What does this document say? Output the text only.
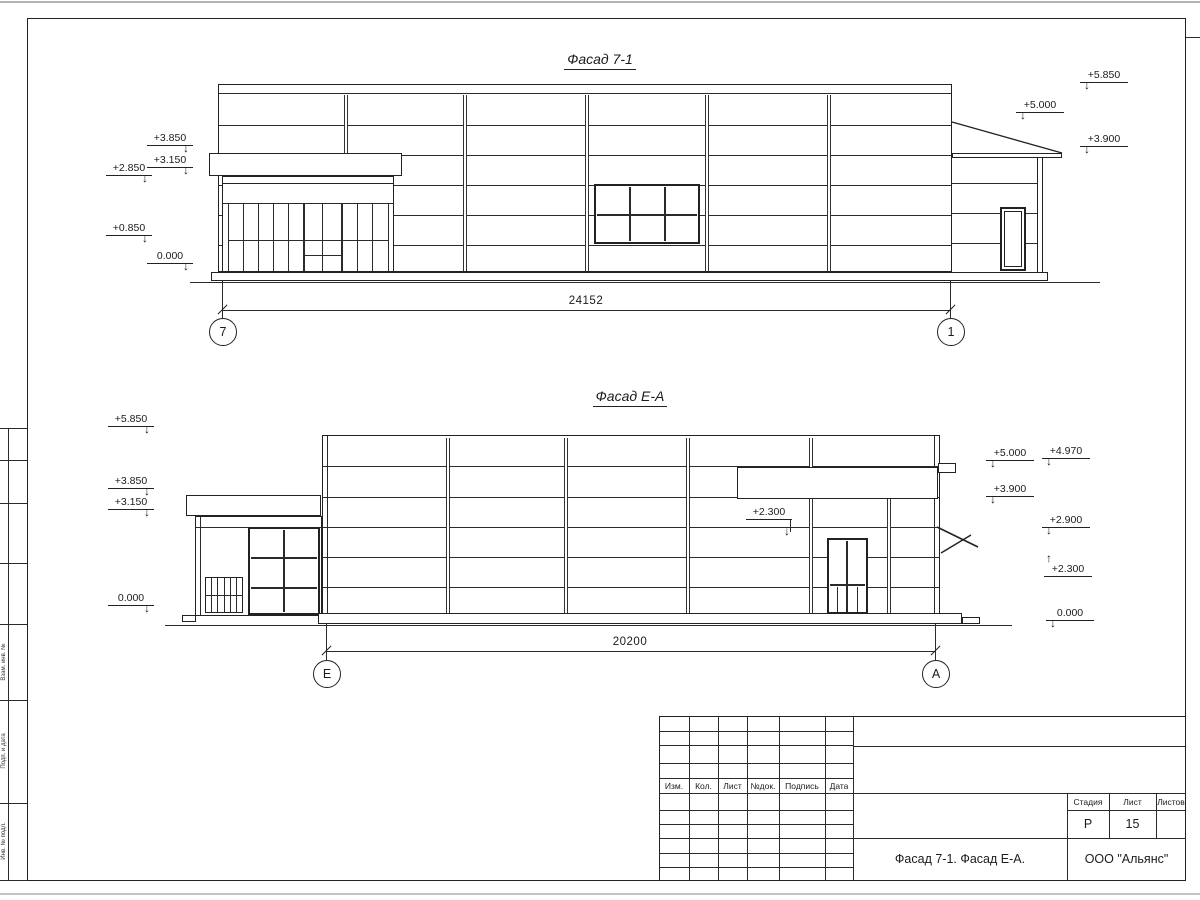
Взам. инв. №
Подп. и дата
Инв. № подл.
Фасад 7-1
24152
7	1
+3.850
↓
+3.150
↓
+2.850
↓
+0.850
↓
0.000
↓
+5.850
↓
+5.000
↓
+3.900
↓
Фасад Е-А
20200
Е	А
+5.850
↓
+3.850
↓
+3.150
↓
0.000
↓
+5.000
↓
+4.970
↓
+3.900
↓
+2.900
↓
+2.300
↑
0.000
↓
+2.300
↓
Изм.	Кол.	Лист	№док.	Подпись	Дата
Стадия	Лист	Листов
Р	15
Фасад 7-1. Фасад Е-А.	ООО "Альянс"
